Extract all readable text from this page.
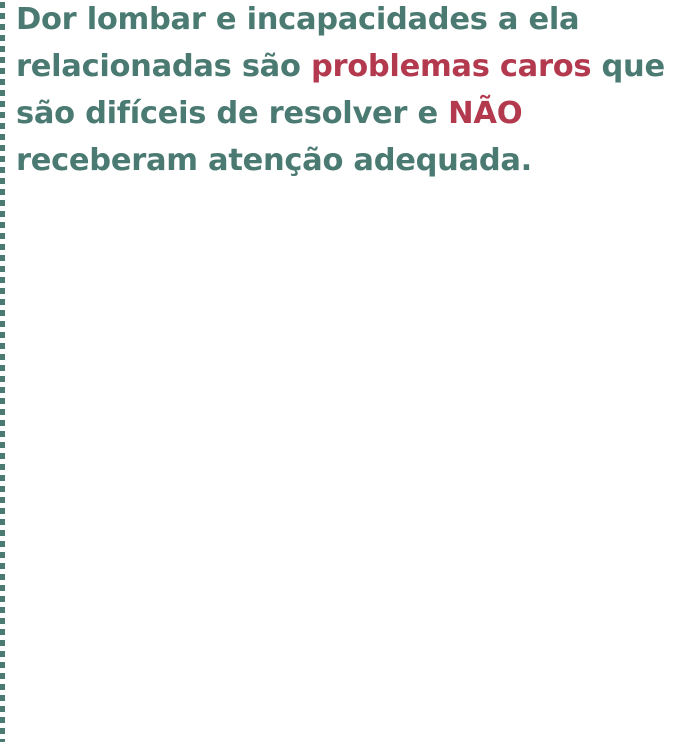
Dor lombar e incapacidades a ela relacionadas são problemas caros que são difíceis de resolver e NÃO receberam atenção adequada.
